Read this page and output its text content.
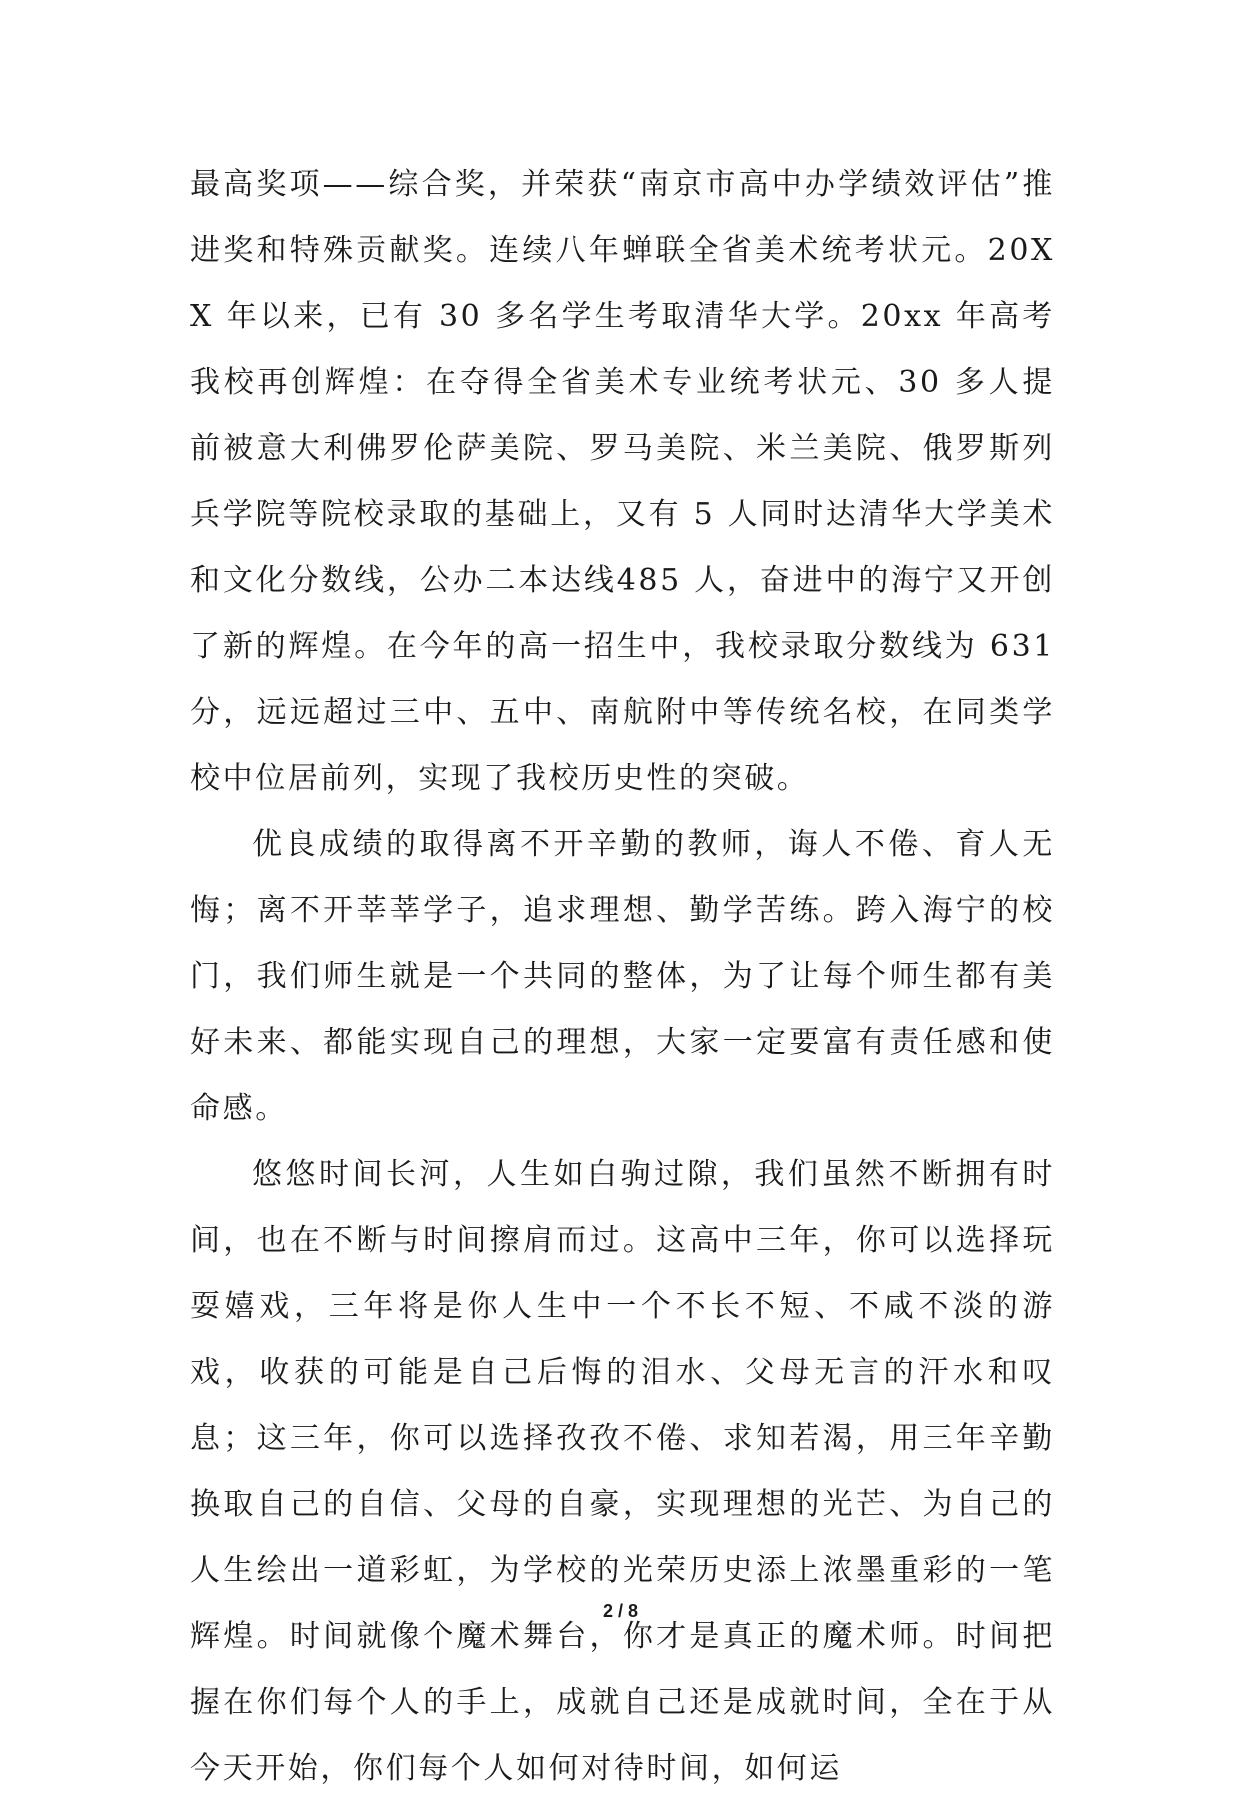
最高奖项——综合奖，并荣获“南京市高中办学绩效评估”推进奖和特殊贡献奖。连续八年蝉联全省美术统考状元。20XX 年以来，已有 30 多名学生考取清华大学。20xx 年高考我校再创辉煌：在夺得全省美术专业统考状元、30 多人提前被意大利佛罗伦萨美院、罗马美院、米兰美院、俄罗斯列兵学院等院校录取的基础上，又有 5 人同时达清华大学美术和文化分数线，公办二本达线485 人，奋进中的海宁又开创了新的辉煌。在今年的高一招生中，我校录取分数线为 631 分，远远超过三中、五中、南航附中等传统名校，在同类学校中位居前列，实现了我校历史性的突破。

优良成绩的取得离不开辛勤的教师，诲人不倦、育人无悔；离不开莘莘学子，追求理想、勤学苦练。跨入海宁的校门，我们师生就是一个共同的整体，为了让每个师生都有美好未来、都能实现自己的理想，大家一定要富有责任感和使命感。

悠悠时间长河，人生如白驹过隙，我们虽然不断拥有时间，也在不断与时间擦肩而过。这高中三年，你可以选择玩耍嬉戏，三年将是你人生中一个不长不短、不咸不淡的游戏，收获的可能是自己后悔的泪水、父母无言的汗水和叹息；这三年，你可以选择孜孜不倦、求知若渴，用三年辛勤换取自己的自信、父母的自豪，实现理想的光芒、为自己的人生绘出一道彩虹，为学校的光荣历史添上浓墨重彩的一笔辉煌。时间就像个魔术舞台，你才是真正的魔术师。时间把握在你们每个人的手上，成就自己还是成就时间，全在于从今天开始，你们每个人如何对待时间，如何运

2 / 8
